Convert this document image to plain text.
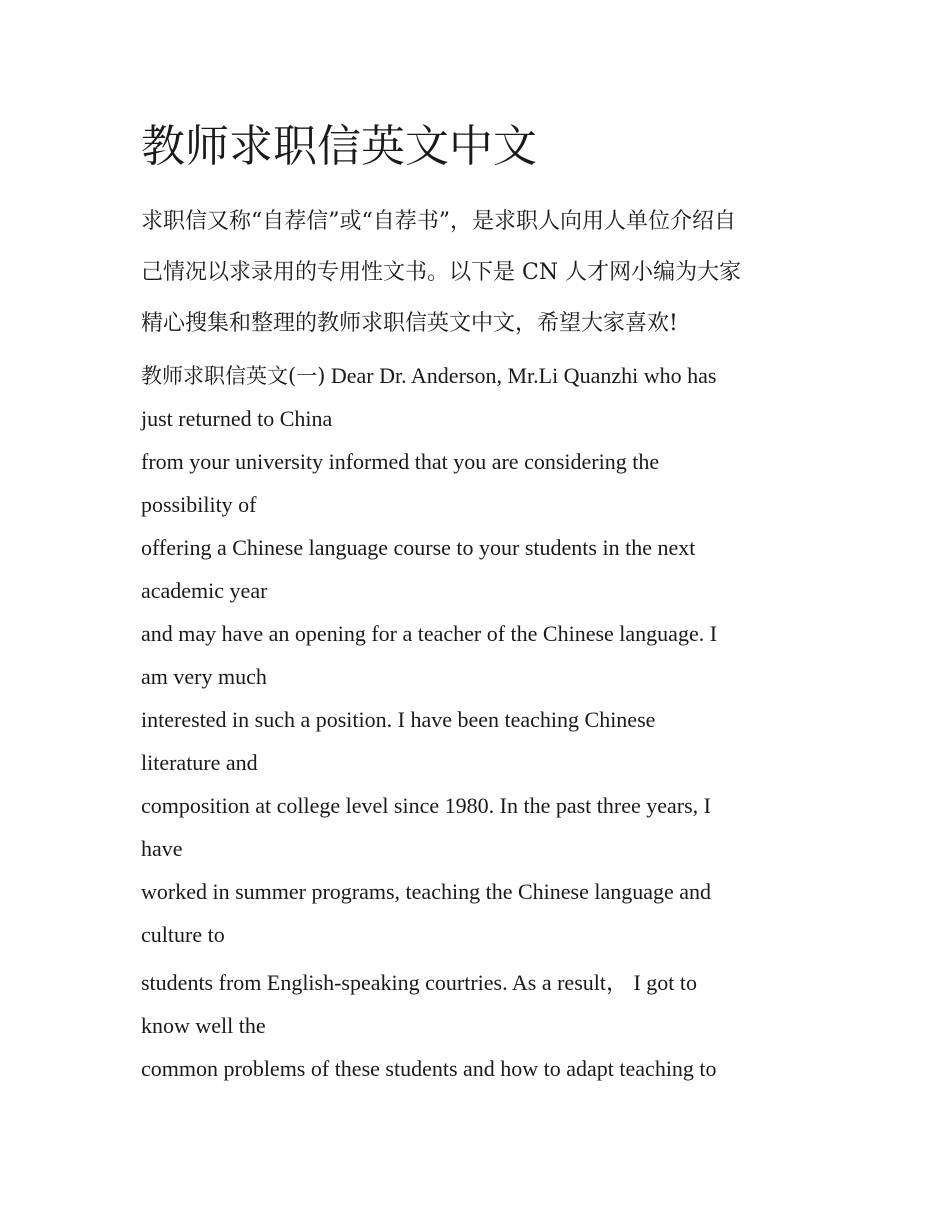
教师求职信英文中文
求职信又称“自荐信”或“自荐书”，是求职人向用人单位介绍自
己情况以求录用的专用性文书。以下是 CN 人才网小编为大家
精心搜集和整理的教师求职信英文中文，希望大家喜欢!
教师求职信英文(一) Dear Dr. Anderson, Mr.Li Quanzhi who has
just returned to China
from your university informed that you are considering the
possibility of
offering a Chinese language course to your students in the next
academic year
and may have an opening for a teacher of the Chinese language. I
am very much
interested in such a position. I have been teaching Chinese
literature and
composition at college level since 1980. In the past three years, I
have
worked in summer programs, teaching the Chinese language and
culture to
students from English-speaking courtries. As a result， I got to
know well the
common problems of these students and how to adapt teaching to
